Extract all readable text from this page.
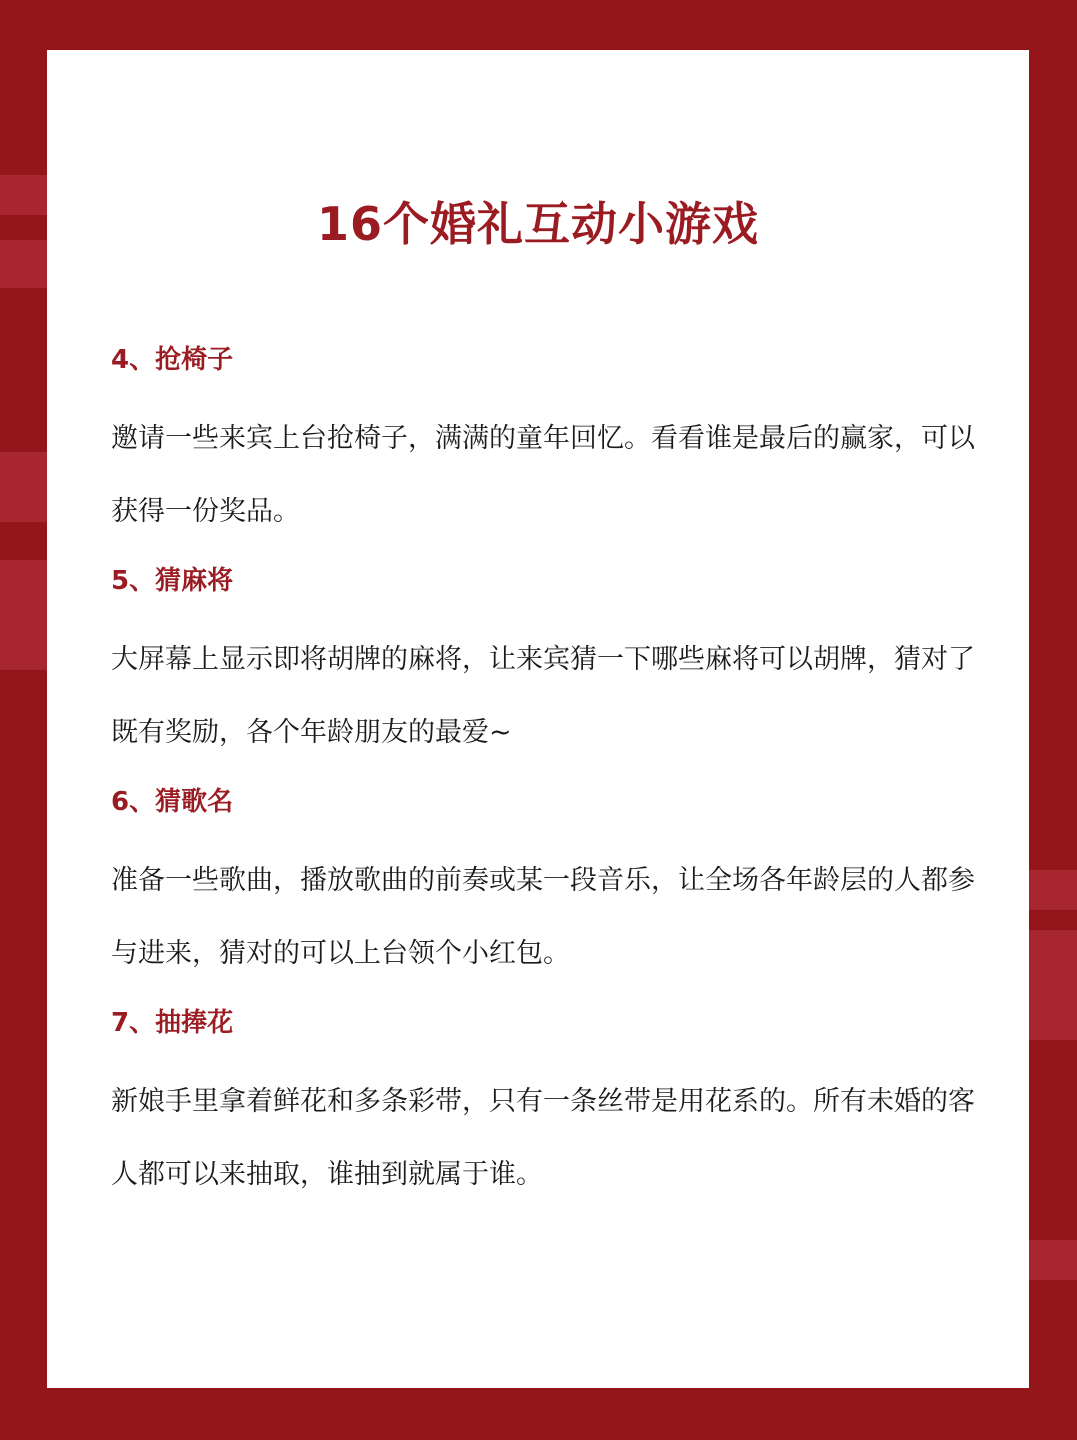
16个婚礼互动小游戏
4、抢椅子

邀请一些来宾上台抢椅子，满满的童年回忆。看看谁是最后的赢家，可以获得一份奖品。

5、猜麻将

大屏幕上显示即将胡牌的麻将，让来宾猜一下哪些麻将可以胡牌，猜对了既有奖励，各个年龄朋友的最爱~

6、猜歌名

准备一些歌曲，播放歌曲的前奏或某一段音乐，让全场各年龄层的人都参与进来，猜对的可以上台领个小红包。

7、抽捧花

新娘手里拿着鲜花和多条彩带，只有一条丝带是用花系的。所有未婚的客人都可以来抽取，谁抽到就属于谁。
